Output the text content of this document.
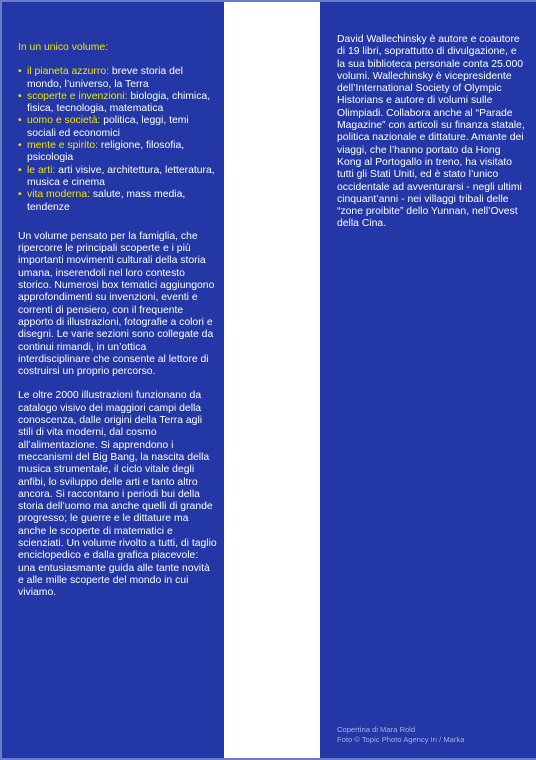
In un unico volume:
• il pianeta azzurro: breve storia del mondo, l’universo, la Terra
• scoperte e invenzioni: biologia, chimica, fisica, tecnologia, matematica
• uomo e società: politica, leggi, temi sociali ed economici
• mente e spirito: religione, filosofia, psicologia
• le arti: arti visive, architettura, letteratura, musica e cinema
• vita moderna: salute, mass media, tendenze

Un volume pensato per la famiglia, che ripercorre le principali scoperte e i più importanti movimenti culturali della storia umana, inserendoli nel loro contesto storico. Numerosi box tematici aggiungono approfondimenti su invenzioni, eventi e correnti di pensiero, con il frequente apporto di illustrazioni, fotografie a colori e disegni. Le varie sezioni sono collegate da continui rimandi, in un’ottica interdisciplinare che consente al lettore di costruirsi un proprio percorso.

Le oltre 2000 illustrazioni funzionano da catalogo visivo dei maggiori campi della conoscenza, dalle origini della Terra agli stili di vita moderni, dal cosmo all’alimentazione. Si apprendono i meccanismi del Big Bang, la nascita della musica strumentale, il ciclo vitale degli anfibi, lo sviluppo delle arti e tanto altro ancora. Si raccontano i periodi bui della storia dell’uomo ma anche quelli di grande progresso; le guerre e le dittature ma anche le scoperte di matematici e scienziati. Un volume rivolto a tutti, di taglio enciclopedico e dalla grafica piacevole: una entusiasmante guida alle tante novità e alle mille scoperte del mondo in cui viviamo.

David Wallechinsky è autore e coautore di 19 libri, soprattutto di divulgazione, e la sua biblioteca personale conta 25.000 volumi. Wallechinsky è vicepresidente dell’International Society of Olympic Historians e autore di volumi sulle Olimpiadi. Collabora anche al “Parade Magazine” con articoli su finanza statale, politica nazionale e dittature. Amante dei viaggi, che l’hanno portato da Hong Kong al Portogallo in treno, ha visitato tutti gli Stati Uniti, ed è stato l’unico occidentale ad avventurarsi - negli ultimi cinquant’anni - nei villaggi tribali delle “zone proibite” dello Yunnan, nell’Ovest della Cina.

Copertina di Mara Rold
Foto © Topic Photo Agency In / Marka
